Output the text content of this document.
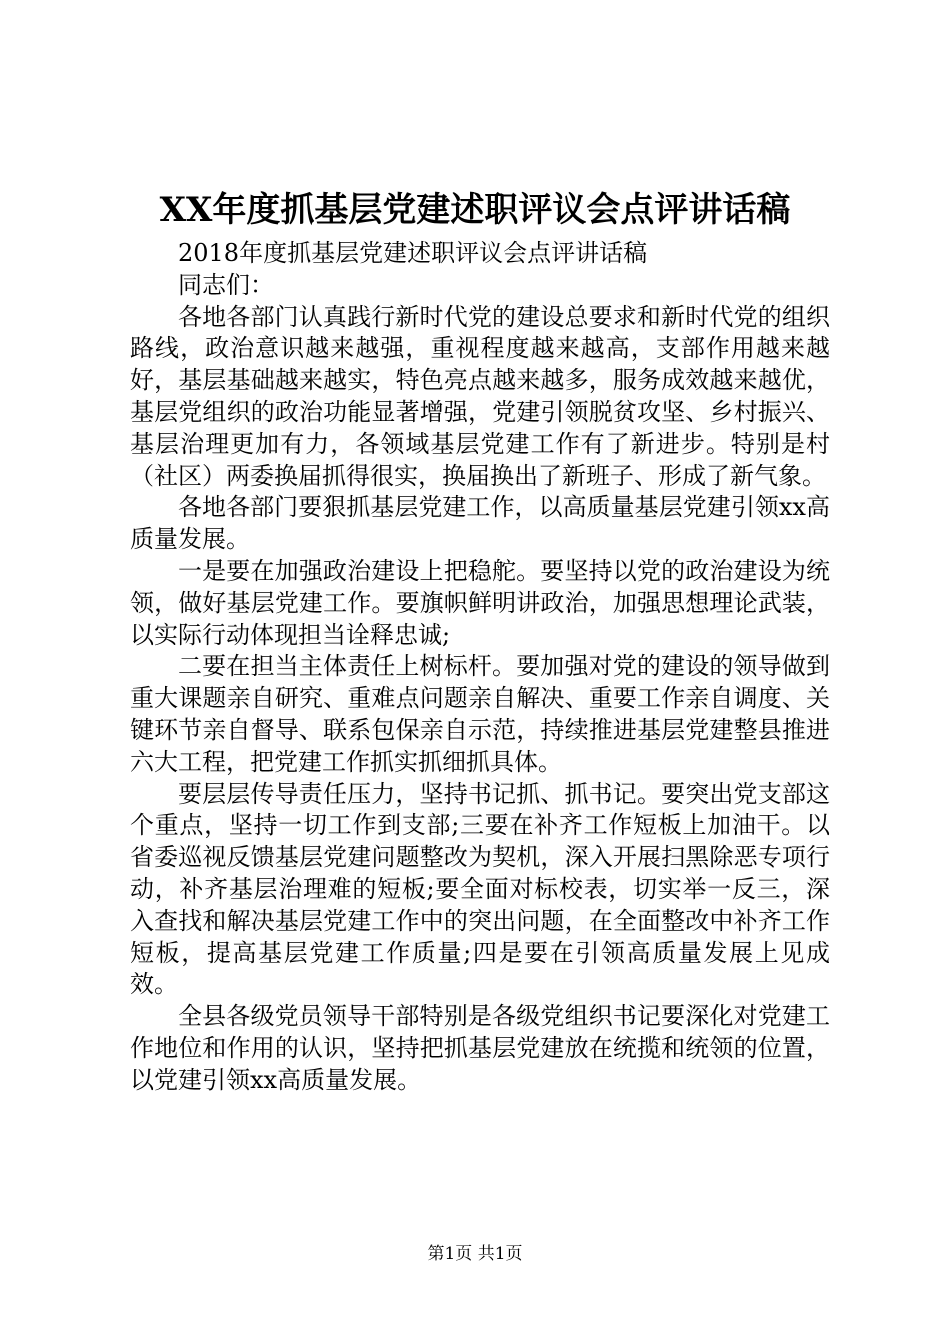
XX年度抓基层党建述职评议会点评讲话稿

2018年度抓基层党建述职评议会点评讲话稿

同志们：

各地各部门认真践行新时代党的建设总要求和新时代党的组织路线，政治意识越来越强，重视程度越来越高，支部作用越来越好，基层基础越来越实，特色亮点越来越多，服务成效越来越优，基层党组织的政治功能显著增强，党建引领脱贫攻坚、乡村振兴、基层治理更加有力，各领域基层党建工作有了新进步。特别是村（社区）两委换届抓得很实，换届换出了新班子、形成了新气象。

各地各部门要狠抓基层党建工作，以高质量基层党建引领xx高质量发展。

一是要在加强政治建设上把稳舵。要坚持以党的政治建设为统领，做好基层党建工作。要旗帜鲜明讲政治，加强思想理论武装，以实际行动体现担当诠释忠诚;

二要在担当主体责任上树标杆。要加强对党的建设的领导做到重大课题亲自研究、重难点问题亲自解决、重要工作亲自调度、关键环节亲自督导、联系包保亲自示范，持续推进基层党建整县推进六大工程，把党建工作抓实抓细抓具体。

要层层传导责任压力，坚持书记抓、抓书记。要突出党支部这个重点，坚持一切工作到支部;三要在补齐工作短板上加油干。以省委巡视反馈基层党建问题整改为契机，深入开展扫黑除恶专项行动，补齐基层治理难的短板;要全面对标校表，切实举一反三，深入查找和解决基层党建工作中的突出问题，在全面整改中补齐工作短板，提高基层党建工作质量;四是要在引领高质量发展上见成效。

全县各级党员领导干部特别是各级党组织书记要深化对党建工作地位和作用的认识，坚持把抓基层党建放在统揽和统领的位置，以党建引领xx高质量发展。

第1页 共1页
